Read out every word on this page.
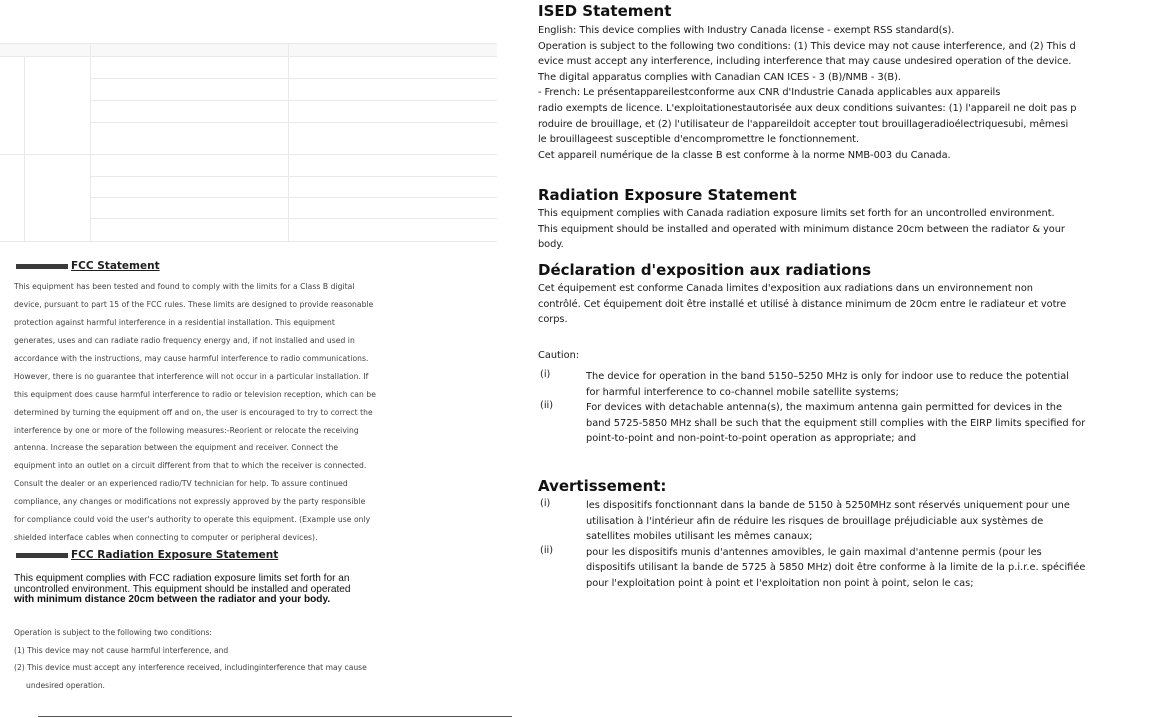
FCC Statement
This equipment has been tested and found to comply with the limits for a Class B digital
device, pursuant to part 15 of the FCC rules. These limits are designed to provide reasonable
protection against harmful interference in a residential installation. This equipment
generates, uses and can radiate radio frequency energy and, if not installed and used in
accordance with the instructions, may cause harmful interference to radio communications.
However, there is no guarantee that interference will not occur in a particular installation. If
this equipment does cause harmful interference to radio or television reception, which can be
determined by turning the equipment off and on, the user is encouraged to try to correct the
interference by one or more of the following measures:-Reorient or relocate the receiving
antenna. Increase the separation between the equipment and receiver. Connect the
equipment into an outlet on a circuit different from that to which the receiver is connected.
Consult the dealer or an experienced radio/TV technician for help. To assure continued
compliance, any changes or modifications not expressly approved by the party responsible
for compliance could void the user's authority to operate this equipment. (Example use only
shielded interface cables when connecting to computer or peripheral devices).
FCC Radiation Exposure Statement
This equipment complies with FCC radiation exposure limits set forth for an
uncontrolled environment. This equipment should be installed and operated
with minimum distance 20cm between the radiator and your body.
Operation is subject to the following two conditions:
(1) This device may not cause harmful interference, and
(2) This device must accept any interference received, includinginterference that may cause
undesired operation.
ISED Statement
English: This device complies with Industry Canada license - exempt RSS standard(s).
Operation is subject to the following two conditions: (1) This device may not cause interference, and (2) This d
evice must accept any interference, including interference that may cause undesired operation of the device.
The digital apparatus complies with Canadian CAN ICES - 3 (B)/NMB - 3(B).
- French: Le présentappareilestconforme aux CNR d'Industrie Canada applicables aux appareils
radio exempts de licence. L'exploitationestautorisée aux deux conditions suivantes: (1) l'appareil ne doit pas p
roduire de brouillage, et (2) l'utilisateur de l'appareildoit accepter tout brouillageradioélectriquesubi, mêmesi
le brouillageest susceptible d'encompromettre le fonctionnement.
Cet appareil numérique de la classe B est conforme à la norme NMB-003 du Canada.
Radiation Exposure Statement
This equipment complies with Canada radiation exposure limits set forth for an uncontrolled environment.
This equipment should be installed and operated with minimum distance 20cm between the radiator & your
body.
Déclaration d'exposition aux radiations
Cet équipement est conforme Canada limites d'exposition aux radiations dans un environnement non
contrôlé. Cet équipement doit être installé et utilisé à distance minimum de 20cm entre le radiateur et votre
corps.
Caution:
(i)	The device for operation in the band 5150–5250 MHz is only for indoor use to reduce the potential
for harmful interference to co-channel mobile satellite systems;
(ii)	For devices with detachable antenna(s), the maximum antenna gain permitted for devices in the
band 5725-5850 MHz shall be such that the equipment still complies with the EIRP limits specified for
point-to-point and non-point-to-point operation as appropriate; and
Avertissement:
(i)	les dispositifs fonctionnant dans la bande de 5150 à 5250MHz sont réservés uniquement pour une
utilisation à l'intérieur afin de réduire les risques de brouillage préjudiciable aux systèmes de
satellites mobiles utilisant les mêmes canaux;
(ii)	pour les dispositifs munis d'antennes amovibles, le gain maximal d'antenne permis (pour les
dispositifs utilisant la bande de 5725 à 5850 MHz) doit être conforme à la limite de la p.i.r.e. spécifiée
pour l'exploitation point à point et l'exploitation non point à point, selon le cas;
